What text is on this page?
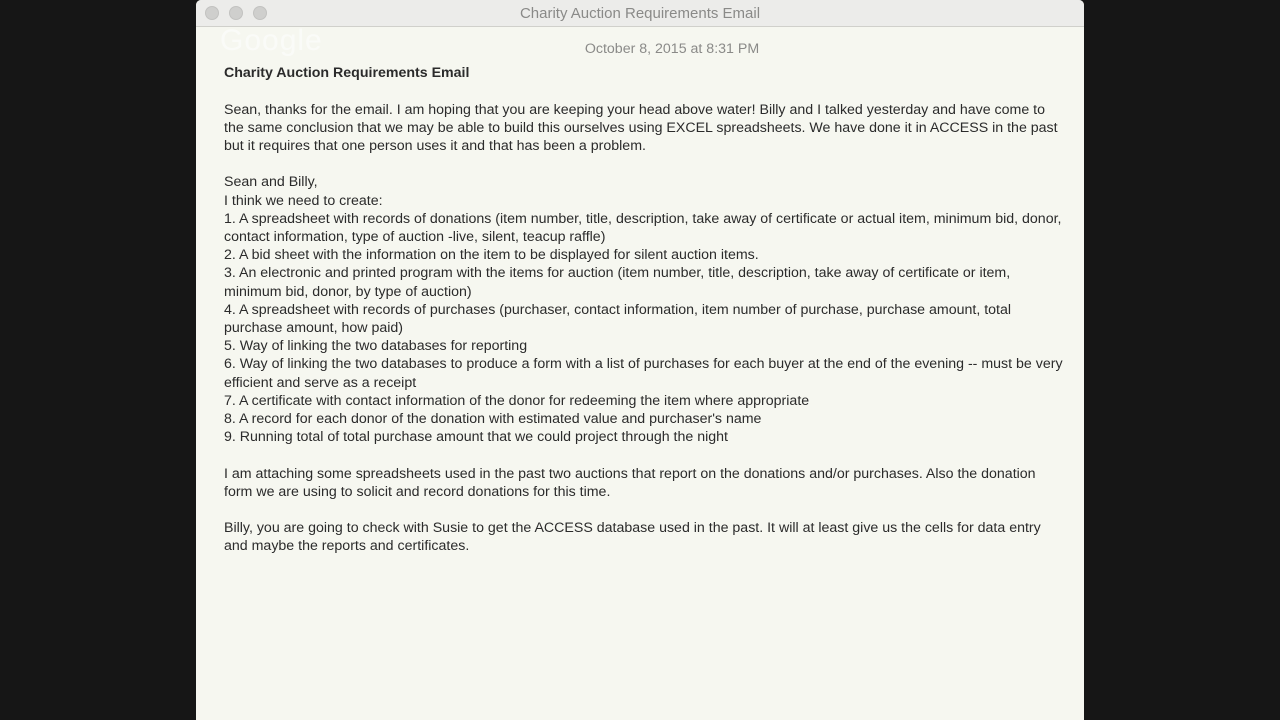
Charity Auction Requirements Email
Google	October 8, 2015 at 8:31 PM
Charity Auction Requirements Email

Sean, thanks for the email. I am hoping that you are keeping your head above water! Billy and I talked yesterday and have come to the same conclusion that we may be able to build this ourselves using EXCEL spreadsheets. We have done it in ACCESS in the past but it requires that one person uses it and that has been a problem.

Sean and Billy,
I think we need to create:
1. A spreadsheet with records of donations (item number, title, description, take away of certificate or actual item, minimum bid, donor, contact information, type of auction -live, silent, teacup raffle)
2. A bid sheet with the information on the item to be displayed for silent auction items.
3. An electronic and printed program with the items for auction (item number, title, description, take away of certificate or item, minimum bid, donor, by type of auction)
4. A spreadsheet with records of purchases (purchaser, contact information, item number of purchase, purchase amount, total purchase amount, how paid)
5. Way of linking the two databases for reporting
6. Way of linking the two databases to produce a form with a list of purchases for each buyer at the end of the evening -- must be very efficient and serve as a receipt
7. A certificate with contact information of the donor for redeeming the item where appropriate
8. A record for each donor of the donation with estimated value and purchaser's name
9. Running total of total purchase amount that we could project through the night

I am attaching some spreadsheets used in the past two auctions that report on the donations and/or purchases. Also the donation form we are using to solicit and record donations for this time.

Billy, you are going to check with Susie to get the ACCESS database used in the past. It will at least give us the cells for data entry and maybe the reports and certificates.
